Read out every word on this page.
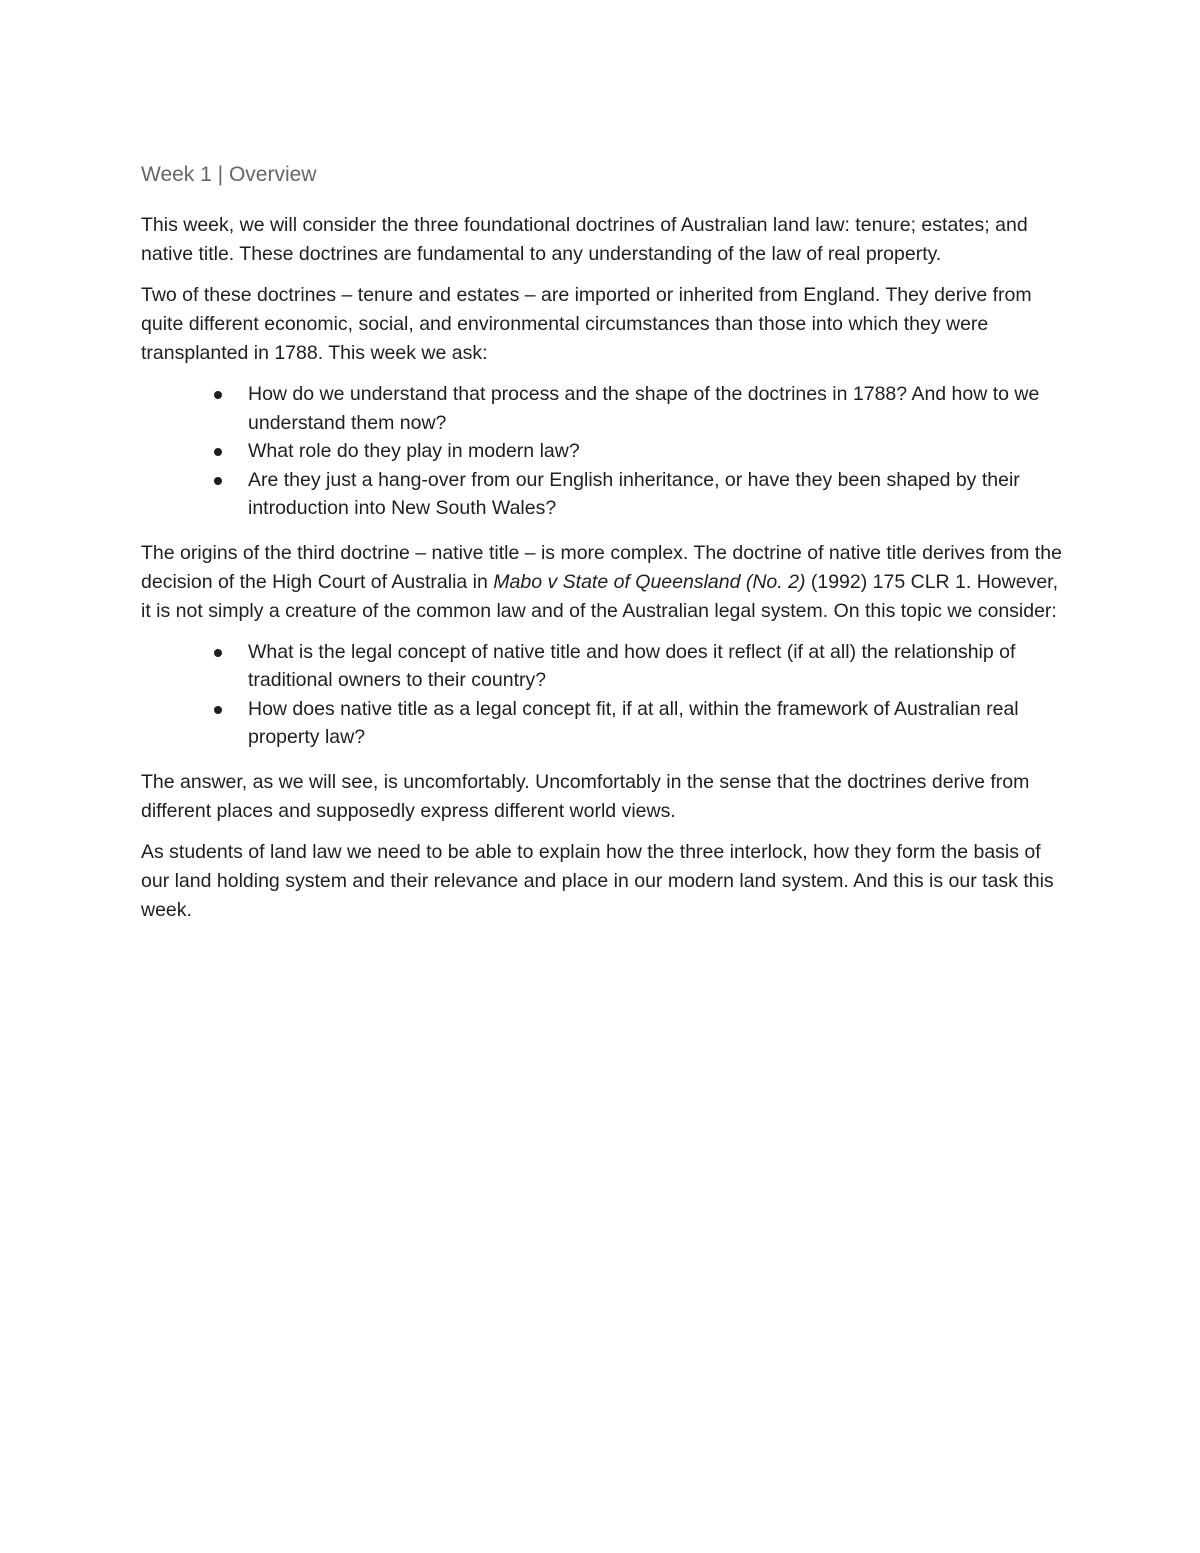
Week 1 | Overview

This week, we will consider the three foundational doctrines of Australian land law: tenure; estates; and native title. These doctrines are fundamental to any understanding of the law of real property.

Two of these doctrines – tenure and estates – are imported or inherited from England. They derive from quite different economic, social, and environmental circumstances than those into which they were transplanted in 1788. This week we ask:

How do we understand that process and the shape of the doctrines in 1788? And how to we understand them now?
What role do they play in modern law?
Are they just a hang-over from our English inheritance, or have they been shaped by their introduction into New South Wales?

The origins of the third doctrine – native title – is more complex. The doctrine of native title derives from the decision of the High Court of Australia in Mabo v State of Queensland (No. 2) (1992) 175 CLR 1. However, it is not simply a creature of the common law and of the Australian legal system. On this topic we consider:

What is the legal concept of native title and how does it reflect (if at all) the relationship of traditional owners to their country?
How does native title as a legal concept fit, if at all, within the framework of Australian real property law?

The answer, as we will see, is uncomfortably. Uncomfortably in the sense that the doctrines derive from different places and supposedly express different world views.

As students of land law we need to be able to explain how the three interlock, how they form the basis of our land holding system and their relevance and place in our modern land system. And this is our task this week.
